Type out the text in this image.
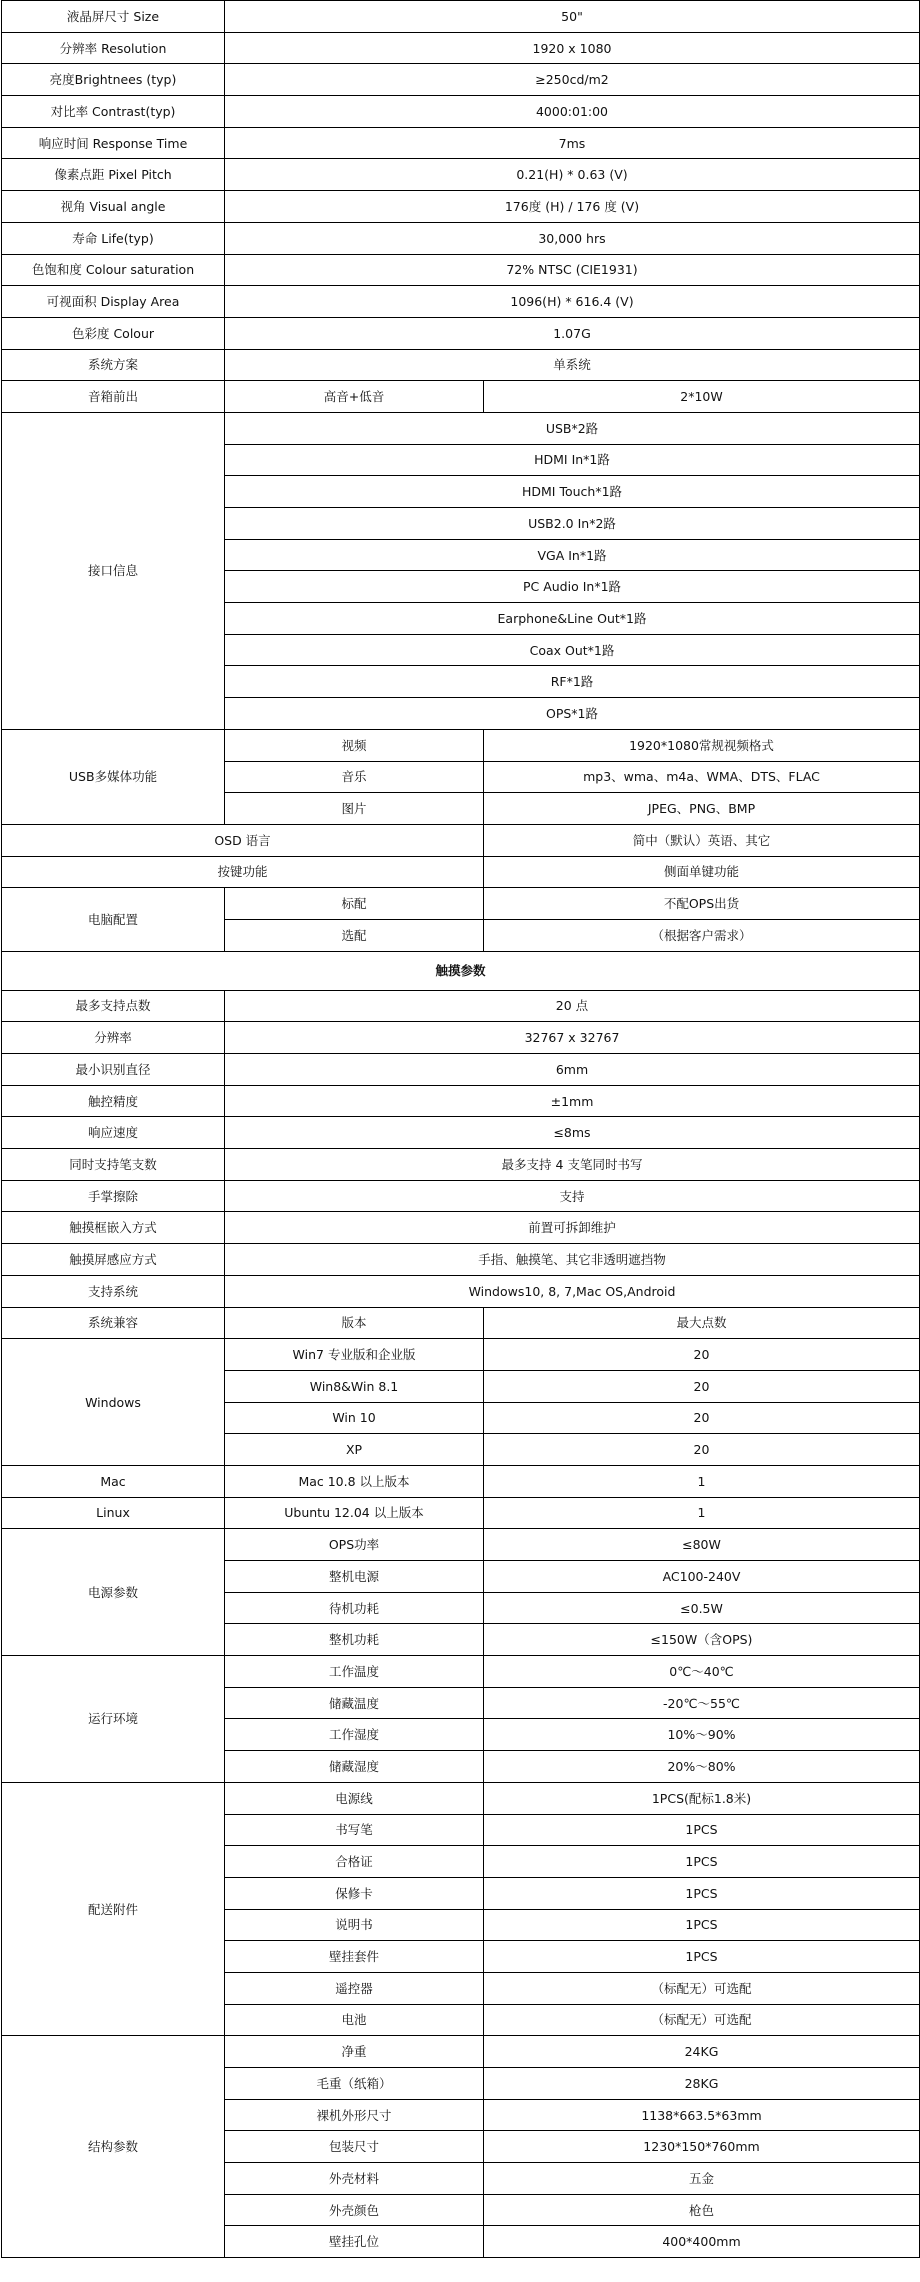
液晶屏尺寸 Size	50"	
分辨率 Resolution	1920 x 1080	
亮度Brightnees (typ)	≥250cd/m2	
对比率 Contrast(typ)	4000:01:00	
响应时间 Response Time	7ms	
像素点距 Pixel Pitch	0.21(H) * 0.63 (V)	
视角 Visual angle	176度 (H) / 176 度 (V)	
寿命 Life(typ)	30,000 hrs	
色饱和度 Colour saturation	72% NTSC (CIE1931)	
可视面积 Display Area	1096(H) * 616.4 (V)	
色彩度 Colour	1.07G	
系统方案	单系统	
音箱前出	高音+低音	2*10W
接口信息	USB*2路	
	HDMI In*1路	
	HDMI Touch*1路	
	USB2.0 In*2路	
	VGA In*1路	
	PC Audio In*1路	
	Earphone&Line Out*1路	
	Coax Out*1路	
	RF*1路	
	OPS*1路	
USB多媒体功能	视频	1920*1080常规视频格式
	音乐	mp3、wma、m4a、WMA、DTS、FLAC
	图片	JPEG、PNG、BMP
OSD 语言		简中（默认）英语、其它
按键功能		侧面单键功能
电脑配置	标配	不配OPS出货
	选配	（根据客户需求）
触摸参数		
最多支持点数	20 点	
分辨率	32767 x 32767	
最小识别直径	6mm	
触控精度	±1mm	
响应速度	≤8ms	
同时支持笔支数	最多支持 4 支笔同时书写	
手掌擦除	支持	
触摸框嵌入方式	前置可拆卸维护	
触摸屏感应方式	手指、触摸笔、其它非透明遮挡物	
支持系统	Windows10, 8, 7,Mac OS,Android	
系统兼容	版本	最大点数
Windows	Win7 专业版和企业版	20
	Win8&Win 8.1	20
	Win 10	20
	XP	20
Mac	Mac 10.8 以上版本	1
Linux	Ubuntu 12.04 以上版本	1
电源参数	OPS功率	≤80W
	整机电源	AC100-240V
	待机功耗	≤0.5W
	整机功耗	≤150W（含OPS)
运行环境	工作温度	0℃～40℃
	储藏温度	-20℃～55℃
	工作湿度	10%～90%
	储藏湿度	20%～80%
配送附件	电源线	1PCS(配标1.8米)
	书写笔	1PCS
	合格证	1PCS
	保修卡	1PCS
	说明书	1PCS
	壁挂套件	1PCS
	遥控器	（标配无）可选配
	电池	（标配无）可选配
结构参数	净重	24KG
	毛重（纸箱）	28KG
	裸机外形尺寸	1138*663.5*63mm
	包装尺寸	1230*150*760mm
	外壳材料	五金
	外壳颜色	枪色
	壁挂孔位	400*400mm
